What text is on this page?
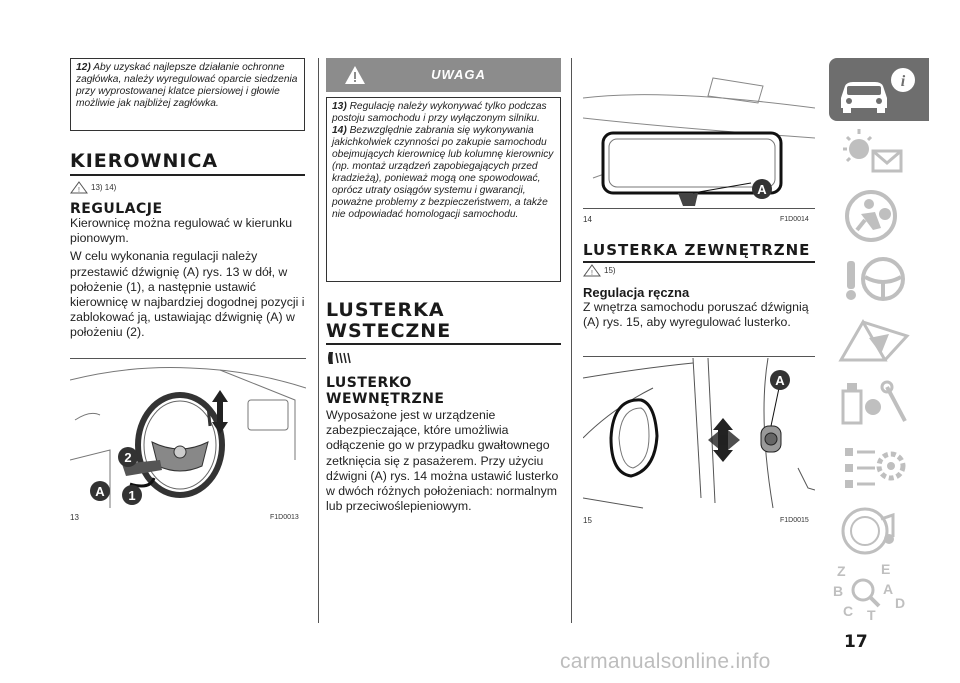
12) Aby uzyskać najlepsze działanie ochronne zagłówka, należy wyregulować oparcie siedzenia przy wyprostowanej klatce piersiowej i głowie możliwie jak najbliżej zagłówka.
KIEROWNICA
! 13) 14)
REGULACJE

Kierownicę można regulować w kierunku pionowym.

W celu wykonania regulacji należy przestawić dźwignię (A) rys. 13 w dół, w położenie (1), a następnie ustawić kierownicę w najbardziej dogodnej pozycji i zablokować ją, ustawiając dźwignię (A) w położeniu (2).

2
A 1
13	F1D0013
UWAGA
13) Regulację należy wykonywać tylko podczas postoju samochodu i przy wyłączonym silniku.
14) Bezwzględnie zabrania się wykonywania jakichkolwiek czynności po zakupie samochodu obejmujących kierownicę lub kolumnę kierownicy (np. montaż urządzeń zapobiegających przed kradzieżą), ponieważ mogą one spowodować, oprócz utraty osiągów systemu i gwarancji, poważne problemy z bezpieczeństwem, a także nie odpowiadać homologacji samochodu.
LUSTERKA
WSTECZNE
LUSTERKO
WEWNĘTRZNE

Wyposażone jest w urządzenie zabezpieczające, które umożliwia odłączenie go w przypadku gwałtownego zetknięcia się z pasażerem. Przy użyciu dźwigni (A) rys. 14 można ustawić lusterko w dwóch różnych położeniach: normalnym lub przeciwoślepieniowym.

A
14	F1D0014
LUSTERKA ZEWNĘTRZNE
! 15)
Regulacja ręczna

Z wnętrza samochodu poruszać dźwignią (A) rys. 15, aby wyregulować lusterko.

A
15	F1D0015
i
Z	E
B	A
C T
D
17
carmanualsonline.info
